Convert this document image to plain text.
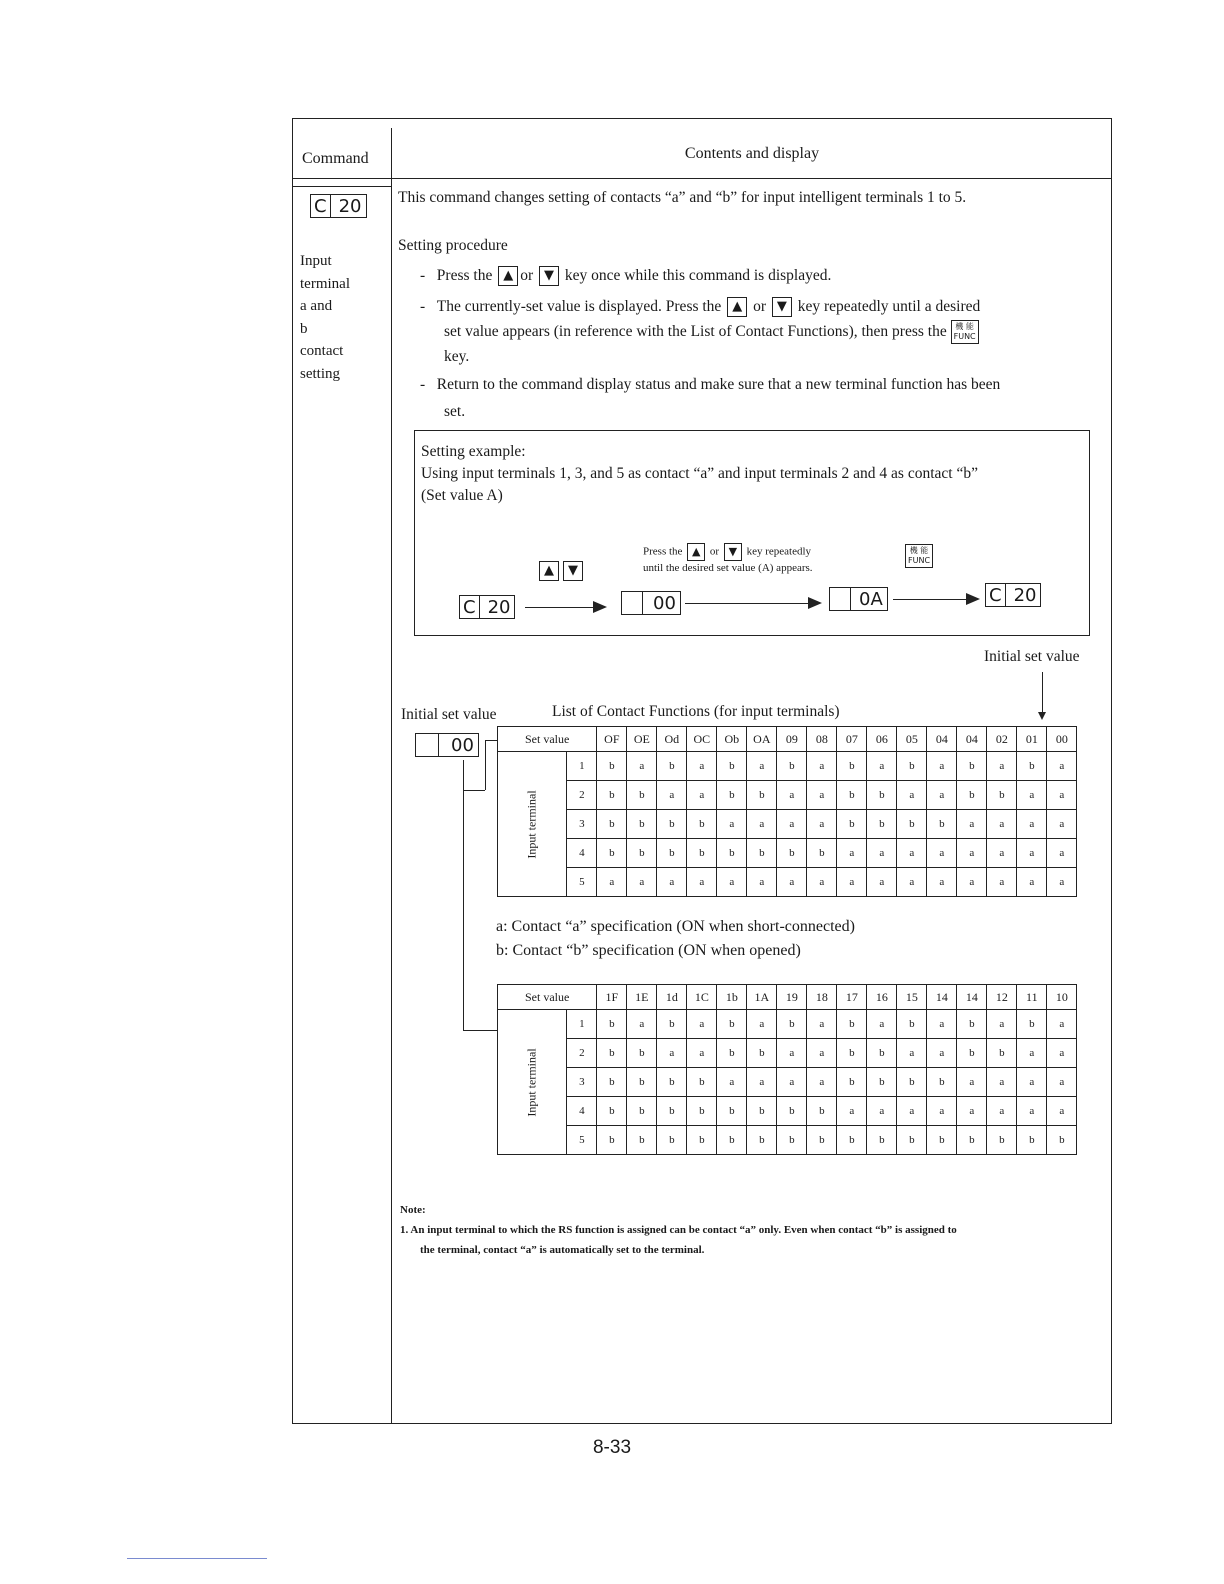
Command	Contents and display
C 20
Input
terminal
a and
b
contact
setting
This command changes setting of contacts “a” and “b” for input intelligent terminals 1 to 5.
Setting procedure
-   Press the ▲ or ▼ key once while this command is displayed.
-   The currently-set value is displayed. Press the ▲ or ▼ key repeatedly until a desired
set value appears (in reference with the List of Contact Functions), then press the 機 能
FUNC
key.
-   Return to the command display status and make sure that a new terminal function has been
set.
Setting example:
Using input terminals 1, 3, and 5 as contact “a” and input terminals 2 and 4 as contact “b”
(Set value A)
▲ ▼
Press the ▲ or ▼ key repeatedly
until the desired set value (A) appears.
機 能
FUNC
C 20	00	0A	C 20
Initial set value
Initial set value	List of Contact Functions (for input terminals)
00	Set value		OF	OE	Od	OC	Ob	OA	09	08	07	06	05	04	04	02	01	00

Input terminal	1	b	a	b	a	b	a	b	a	b	a	b	a	b	a	b	a
	2	b	b	a	a	b	b	a	a	b	b	a	a	b	b	a	a
	3	b	b	b	b	a	a	a	a	b	b	b	b	a	a	a	a
	4	b	b	b	b	b	b	b	b	a	a	a	a	a	a	a	a
	5	a	a	a	a	a	a	a	a	a	a	a	a	a	a	a	a
a: Contact “a” specification (ON when short-connected)
b: Contact “b” specification (ON when opened)
Set value		1F	1E	1d	1C	1b	1A	19	18	17	16	15	14	14	12	11	10

Input terminal	1	b	a	b	a	b	a	b	a	b	a	b	a	b	a	b	a
	2	b	b	a	a	b	b	a	a	b	b	a	a	b	b	a	a
	3	b	b	b	b	a	a	a	a	b	b	b	b	a	a	a	a
	4	b	b	b	b	b	b	b	b	a	a	a	a	a	a	a	a
	5	b	b	b	b	b	b	b	b	b	b	b	b	b	b	b	b
Note:
1. An input terminal to which the RS function is assigned can be contact “a” only. Even when contact “b” is assigned to
the terminal, contact “a” is automatically set to the terminal.
8-33
